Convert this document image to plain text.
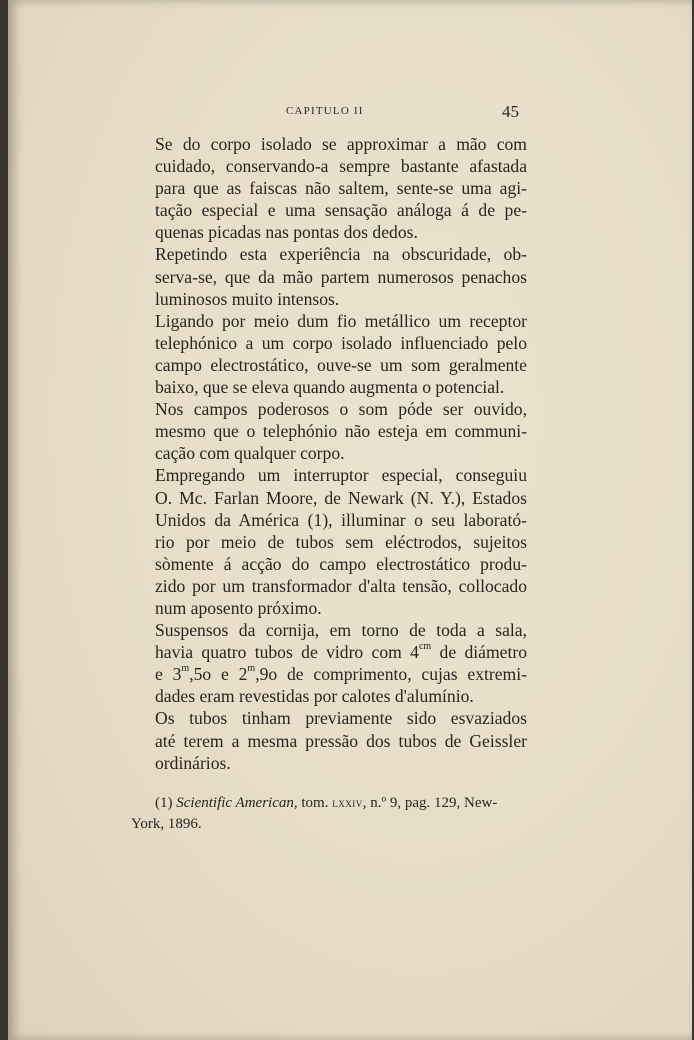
CAPITULO II	45

Se do corpo isolado se approximar a mão com
cuidado, conservando-a sempre bastante afastada
para que as faiscas não saltem, sente-se uma agi-
tação especial e uma sensação análoga á de pe-
quenas picadas nas pontas dos dedos.

Repetindo esta experiência na obscuridade, ob-
serva-se, que da mão partem numerosos penachos
luminosos muito intensos.

Ligando por meio dum fio metállico um receptor
telephónico a um corpo isolado influenciado pelo
campo electrostático, ouve-se um som geralmente
baixo, que se eleva quando augmenta o potencial.

Nos campos poderosos o som póde ser ouvido,
mesmo que o telephónio não esteja em communi-
cação com qualquer corpo.

Empregando um interruptor especial, conseguiu
O. Mc. Farlan Moore, de Newark (N. Y.), Estados
Unidos da América (1), illuminar o seu laborató-
rio por meio de tubos sem eléctrodos, sujeitos
sòmente á acção do campo electrostático produ-
zido por um transformador d'alta tensão, collocado
num aposento próximo.

Suspensos da cornija, em torno de toda a sala,
havia quatro tubos de vidro com $4^{cm}$ de diámetro
e 3$^m$,5o e 2$^m$,9o de comprimento, cujas extremi-
dades eram revestidas por calotes d'alumínio.

Os tubos tinham previamente sido esvaziados
até terem a mesma pressão dos tubos de Geissler
ordinários.

(1) Scientific American, tom. lxxiv, n.º 9, pag. 129, New-
York, 1896.
